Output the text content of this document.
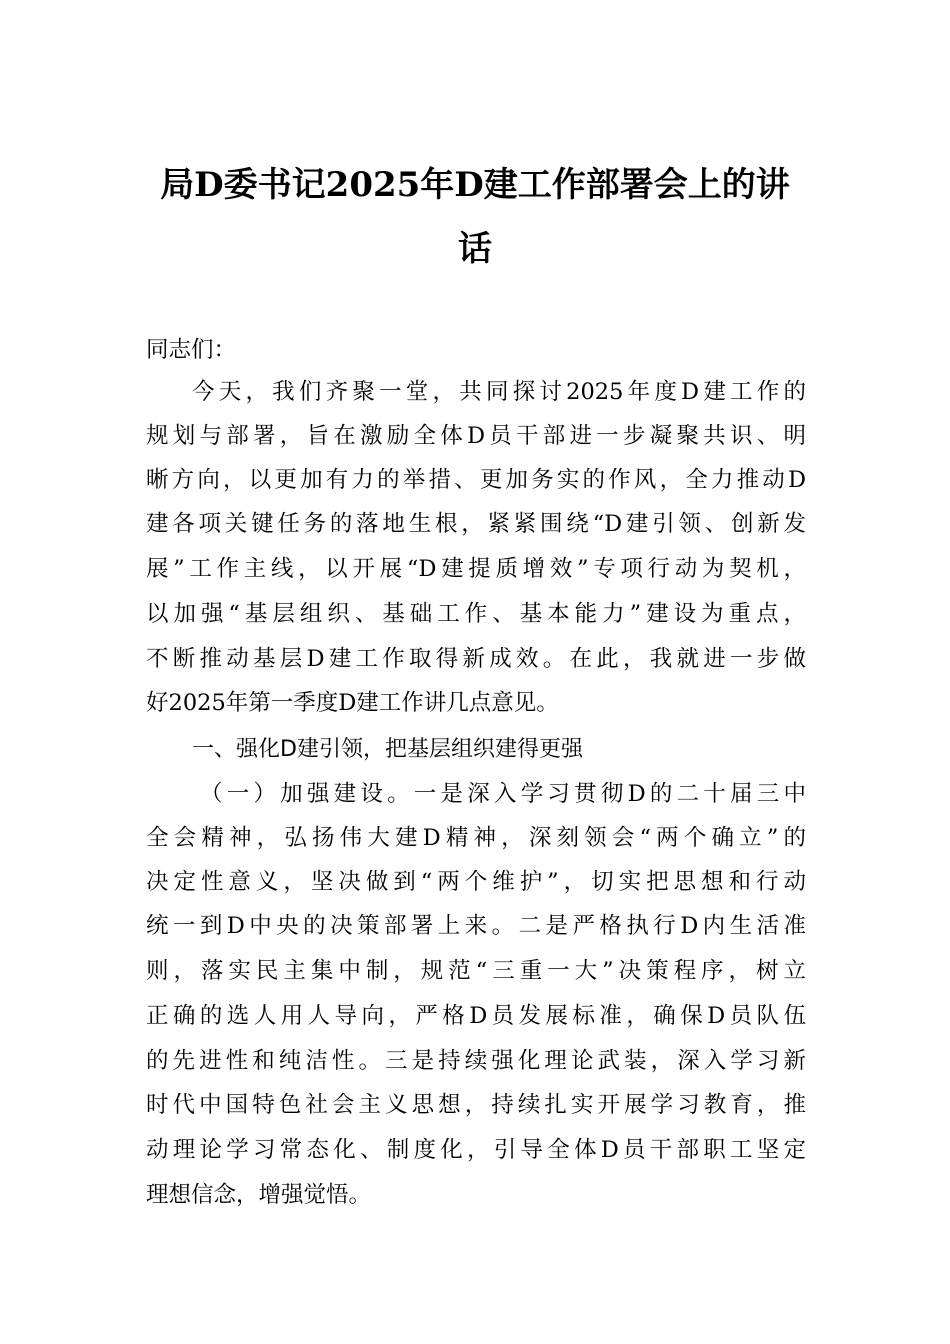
局D委书记2025年D建工作部署会上的讲
话
同志们：
今天，我们齐聚一堂，共同探讨2025年度D建工作的
规划与部署，旨在激励全体D员干部进一步凝聚共识、明
晰方向，以更加有力的举措、更加务实的作风，全力推动D
建各项关键任务的落地生根，紧紧围绕“D建引领、创新发
展”工作主线，以开展“D建提质增效”专项行动为契机，
以加强“基层组织、基础工作、基本能力”建设为重点，
不断推动基层D建工作取得新成效。在此，我就进一步做
好2025年第一季度D建工作讲几点意见。
一、强化D建引领，把基层组织建得更强
（一）加强建设。一是深入学习贯彻D的二十届三中
全会精神，弘扬伟大建D精神，深刻领会“两个确立”的
决定性意义，坚决做到“两个维护”，切实把思想和行动
统一到D中央的决策部署上来。二是严格执行D内生活准
则，落实民主集中制，规范“三重一大”决策程序，树立
正确的选人用人导向，严格D员发展标准，确保D员队伍
的先进性和纯洁性。三是持续强化理论武装，深入学习新
时代中国特色社会主义思想，持续扎实开展学习教育，推
动理论学习常态化、制度化，引导全体D员干部职工坚定
理想信念，增强觉悟。
